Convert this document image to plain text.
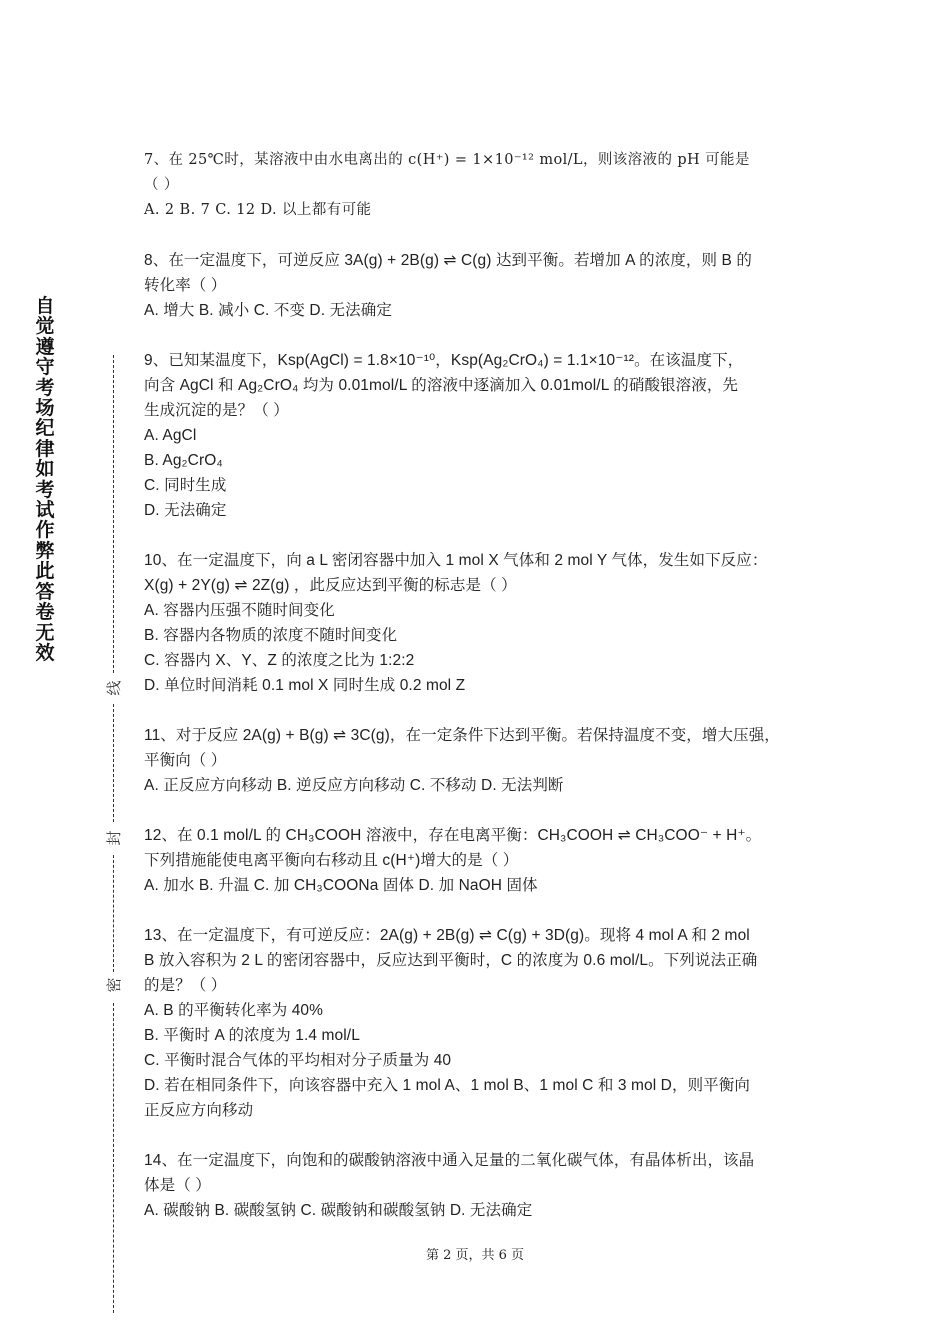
自觉遵守考场纪律如考试作弊此答卷无效
线
封
密
7、在 25℃时，某溶液中由水电离出的 c(H⁺) = 1×10⁻¹² mol/L，则该溶液的 pH 可能是
（ ）
A. 2 B. 7 C. 12 D. 以上都有可能
8、在一定温度下，可逆反应 3A(g) + 2B(g) ⇌ C(g) 达到平衡。若增加 A 的浓度，则 B 的
转化率（ ）
A. 增大 B. 减小 C. 不变 D. 无法确定
9、已知某温度下，Ksp(AgCl) = 1.8×10⁻¹⁰，Ksp(Ag₂CrO₄) = 1.1×10⁻¹²。在该温度下，
向含 AgCl 和 Ag₂CrO₄ 均为 0.01mol/L 的溶液中逐滴加入 0.01mol/L 的硝酸银溶液，先
生成沉淀的是？（ ）
A. AgCl
B. Ag₂CrO₄
C. 同时生成
D. 无法确定
10、在一定温度下，向 a L 密闭容器中加入 1 mol X 气体和 2 mol Y 气体，发生如下反应：
X(g) + 2Y(g) ⇌ 2Z(g) ，此反应达到平衡的标志是（ ）
A. 容器内压强不随时间变化
B. 容器内各物质的浓度不随时间变化
C. 容器内 X、Y、Z 的浓度之比为 1:2:2
D. 单位时间消耗 0.1 mol X 同时生成 0.2 mol Z
11、对于反应 2A(g) + B(g) ⇌ 3C(g)，在一定条件下达到平衡。若保持温度不变，增大压强，
平衡向（ ）
A. 正反应方向移动 B. 逆反应方向移动 C. 不移动 D. 无法判断
12、在 0.1 mol/L 的 CH₃COOH 溶液中，存在电离平衡：CH₃COOH ⇌ CH₃COO⁻ + H⁺。
下列措施能使电离平衡向右移动且 c(H⁺)增大的是（ ）
A. 加水 B. 升温 C. 加 CH₃COONa 固体 D. 加 NaOH 固体
13、在一定温度下，有可逆反应：2A(g) + 2B(g) ⇌ C(g) + 3D(g)。现将 4 mol A 和 2 mol
B 放入容积为 2 L 的密闭容器中，反应达到平衡时，C 的浓度为 0.6 mol/L。下列说法正确
的是？（ ）
A. B 的平衡转化率为 40%
B. 平衡时 A 的浓度为 1.4 mol/L
C. 平衡时混合气体的平均相对分子质量为 40
D. 若在相同条件下，向该容器中充入 1 mol A、1 mol B、1 mol C 和 3 mol D，则平衡向
正反应方向移动
14、在一定温度下，向饱和的碳酸钠溶液中通入足量的二氧化碳气体，有晶体析出，该晶
体是（ ）
A. 碳酸钠 B. 碳酸氢钠 C. 碳酸钠和碳酸氢钠 D. 无法确定
第 2 页，共 6 页
